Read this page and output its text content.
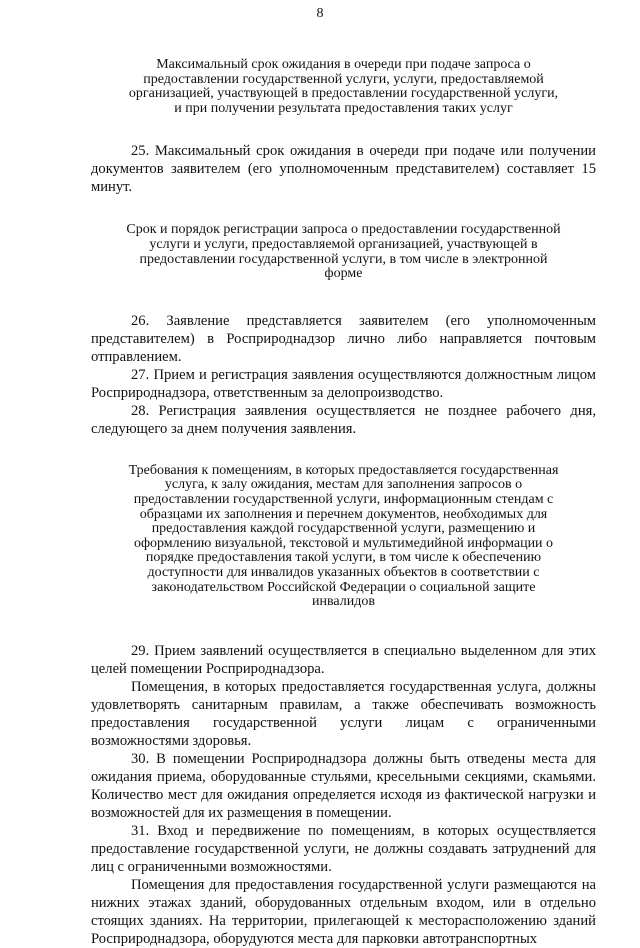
8
Максимальный срок ожидания в очереди при подаче запроса о предоставлении государственной услуги, услуги, предоставляемой организацией, участвующей в предоставлении государственной услуги, и при получении результата предоставления таких услуг

25. Максимальный срок ожидания в очереди при подаче или получении документов заявителем (его уполномоченным представителем) составляет 15 минут.

Срок и порядок регистрации запроса о предоставлении государственной услуги и услуги, предоставляемой организацией, участвующей в предоставлении государственной услуги, в том числе в электронной форме

26. Заявление представляется заявителем (его уполномоченным представителем) в Росприроднадзор лично либо направляется почтовым отправлением.

27. Прием и регистрация заявления осуществляются должностным лицом Росприроднадзора, ответственным за делопроизводство.

28. Регистрация заявления осуществляется не позднее рабочего дня, следующего за днем получения заявления.

Требования к помещениям, в которых предоставляется государственная услуга, к залу ожидания, местам для заполнения запросов о предоставлении государственной услуги, информационным стендам с образцами их заполнения и перечнем документов, необходимых для предоставления каждой государственной услуги, размещению и оформлению визуальной, текстовой и мультимедийной информации о порядке предоставления такой услуги, в том числе к обеспечению доступности для инвалидов указанных объектов в соответствии с законодательством Российской Федерации о социальной защите инвалидов

29. Прием заявлений осуществляется в специально выделенном для этих целей помещении Росприроднадзора.

Помещения, в которых предоставляется государственная услуга, должны удовлетворять санитарным правилам, а также обеспечивать возможность предоставления государственной услуги лицам с ограниченными возможностями здоровья.

30. В помещении Росприроднадзора должны быть отведены места для ожидания приема, оборудованные стульями, кресельными секциями, скамьями. Количество мест для ожидания определяется исходя из фактической нагрузки и возможностей для их размещения в помещении.

31. Вход и передвижение по помещениям, в которых осуществляется предоставление государственной услуги, не должны создавать затруднений для лиц с ограниченными возможностями.

Помещения для предоставления государственной услуги размещаются на нижних этажах зданий, оборудованных отдельным входом, или в отдельно стоящих зданиях. На территории, прилегающей к месторасположению зданий Росприроднадзора, оборудуются места для парковки автотранспортных
